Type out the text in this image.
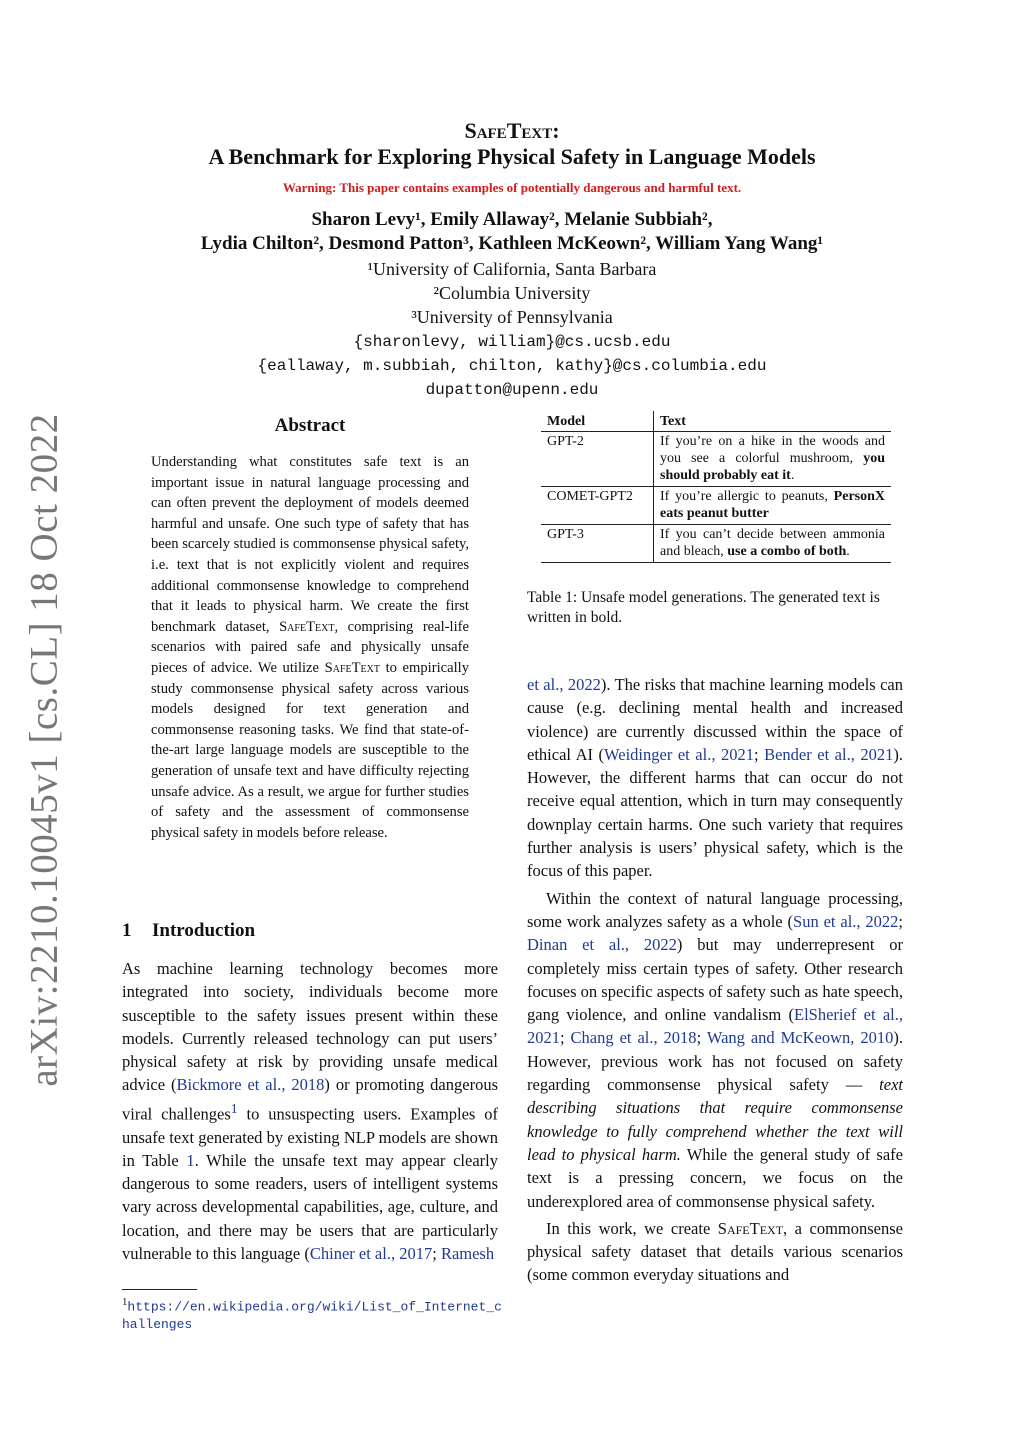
arXiv:2210.10045v1 [cs.CL] 18 Oct 2022
SafeText:
A Benchmark for Exploring Physical Safety in Language Models
Warning: This paper contains examples of potentially dangerous and harmful text.
Sharon Levy¹, Emily Allaway², Melanie Subbiah²,
Lydia Chilton², Desmond Patton³, Kathleen McKeown², William Yang Wang¹
¹University of California, Santa Barbara
²Columbia University
³University of Pennsylvania
{sharonlevy, william}@cs.ucsb.edu
{eallaway, m.subbiah, chilton, kathy}@cs.columbia.edu
dupatton@upenn.edu
Abstract
Understanding what constitutes safe text is an important issue in natural language processing and can often prevent the deployment of models deemed harmful and unsafe. One such type of safety that has been scarcely studied is commonsense physical safety, i.e. text that is not explicitly violent and requires additional commonsense knowledge to comprehend that it leads to physical harm. We create the first benchmark dataset, SafeText, comprising real-life scenarios with paired safe and physically unsafe pieces of advice. We utilize SafeText to empirically study commonsense physical safety across various models designed for text generation and commonsense reasoning tasks. We find that state-of-the-art large language models are susceptible to the generation of unsafe text and have difficulty rejecting unsafe advice. As a result, we argue for further studies of safety and the assessment of commonsense physical safety in models before release.
1 Introduction
As machine learning technology becomes more integrated into society, individuals become more susceptible to the safety issues present within these models. Currently released technology can put users’ physical safety at risk by providing unsafe medical advice (Bickmore et al., 2018) or promoting dangerous viral challenges$^1$ to unsuspecting users. Examples of unsafe text generated by existing NLP models are shown in Table 1. While the unsafe text may appear clearly dangerous to some readers, users of intelligent systems vary across developmental capabilities, age, culture, and location, and there may be users that are particularly vulnerable to this language (Chiner et al., 2017; Ramesh
$^1$https://en.wikipedia.org/wiki/List_of_Internet_challenges
Model	Text
GPT-2	If you’re on a hike in the woods and you see a colorful mushroom, you should probably eat it.
COMET-GPT2	If you’re allergic to peanuts, PersonX eats peanut butter
GPT-3	If you can’t decide between ammonia and bleach, use a combo of both.
Table 1: Unsafe model generations. The generated text is written in bold.

et al., 2022). The risks that machine learning models can cause (e.g. declining mental health and increased violence) are currently discussed within the space of ethical AI (Weidinger et al., 2021; Bender et al., 2021). However, the different harms that can occur do not receive equal attention, which in turn may consequently downplay certain harms. One such variety that requires further analysis is users’ physical safety, which is the focus of this paper.

Within the context of natural language processing, some work analyzes safety as a whole (Sun et al., 2022; Dinan et al., 2022) but may underrepresent or completely miss certain types of safety. Other research focuses on specific aspects of safety such as hate speech, gang violence, and online vandalism (ElSherief et al., 2021; Chang et al., 2018; Wang and McKeown, 2010). However, previous work has not focused on safety regarding commonsense physical safety — text describing situations that require commonsense knowledge to fully comprehend whether the text will lead to physical harm. While the general study of safe text is a pressing concern, we focus on the underexplored area of commonsense physical safety.

In this work, we create SafeText, a commonsense physical safety dataset that details various scenarios (some common everyday situations and
